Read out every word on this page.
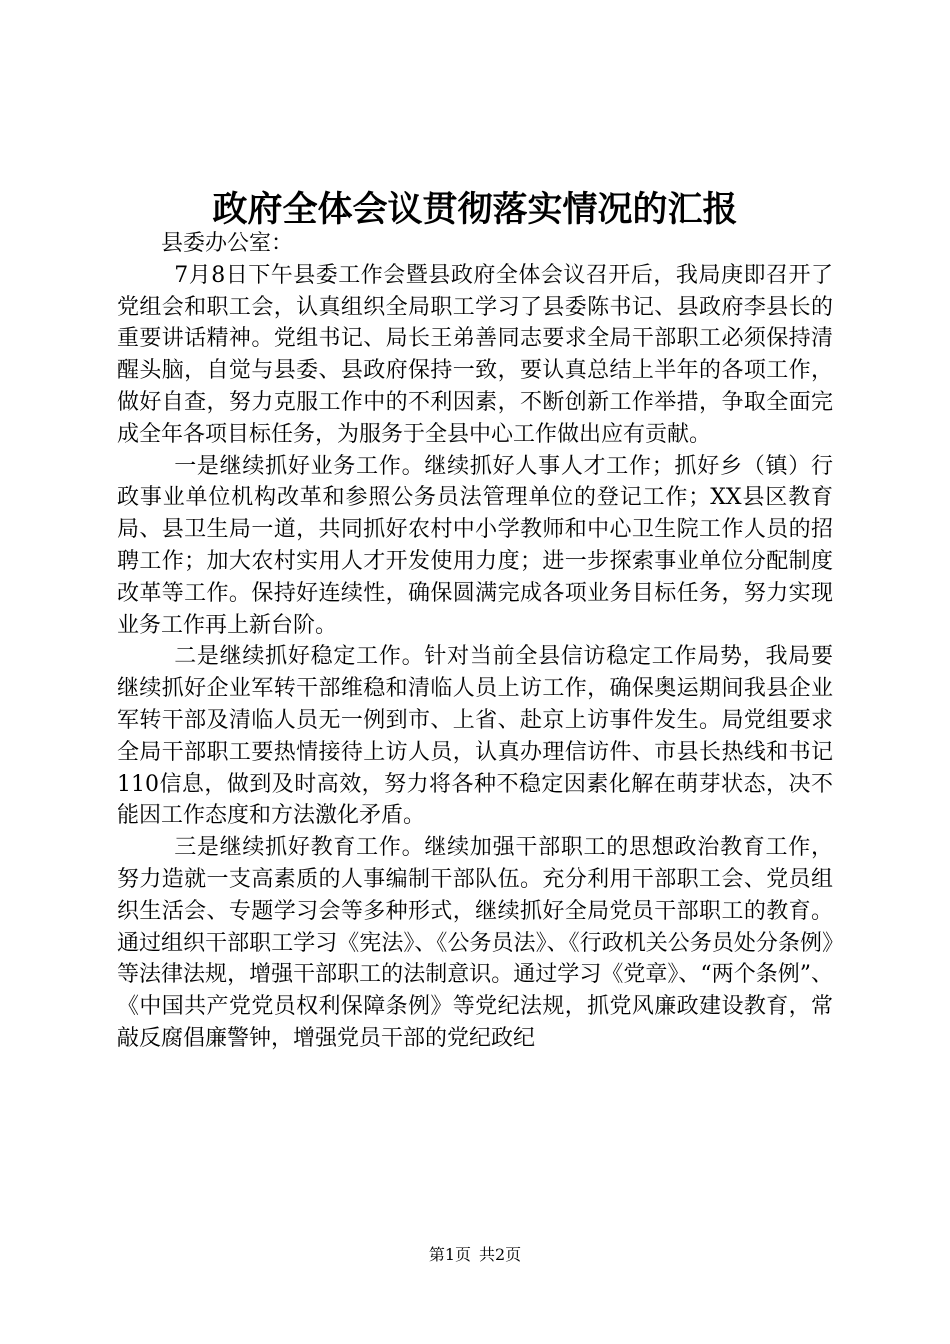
政府全体会议贯彻落实情况的汇报

县委办公室：

7月8日下午县委工作会暨县政府全体会议召开后，我局庚即召开了党组会和职工会，认真组织全局职工学习了县委陈书记、县政府李县长的重要讲话精神。党组书记、局长王弟善同志要求全局干部职工必须保持清醒头脑，自觉与县委、县政府保持一致，要认真总结上半年的各项工作，做好自查，努力克服工作中的不利因素，不断创新工作举措，争取全面完成全年各项目标任务，为服务于全县中心工作做出应有贡献。

一是继续抓好业务工作。继续抓好人事人才工作；抓好乡（镇）行政事业单位机构改革和参照公务员法管理单位的登记工作；XX县区教育局、县卫生局一道，共同抓好农村中小学教师和中心卫生院工作人员的招聘工作；加大农村实用人才开发使用力度；进一步探索事业单位分配制度改革等工作。保持好连续性，确保圆满完成各项业务目标任务，努力实现业务工作再上新台阶。

二是继续抓好稳定工作。针对当前全县信访稳定工作局势，我局要继续抓好企业军转干部维稳和清临人员上访工作，确保奥运期间我县企业军转干部及清临人员无一例到市、上省、赴京上访事件发生。局党组要求全局干部职工要热情接待上访人员，认真办理信访件、市县长热线和书记110信息，做到及时高效，努力将各种不稳定因素化解在萌芽状态，决不能因工作态度和方法激化矛盾。

三是继续抓好教育工作。继续加强干部职工的思想政治教育工作，努力造就一支高素质的人事编制干部队伍。充分利用干部职工会、党员组织生活会、专题学习会等多种形式，继续抓好全局党员干部职工的教育。通过组织干部职工学习《宪法》、《公务员法》、《行政机关公务员处分条例》等法律法规，增强干部职工的法制意识。通过学习《党章》、“两个条例”、《中国共产党党员权利保障条例》等党纪法规，抓党风廉政建设教育，常敲反腐倡廉警钟，增强党员干部的党纪政纪

第1页 共2页
